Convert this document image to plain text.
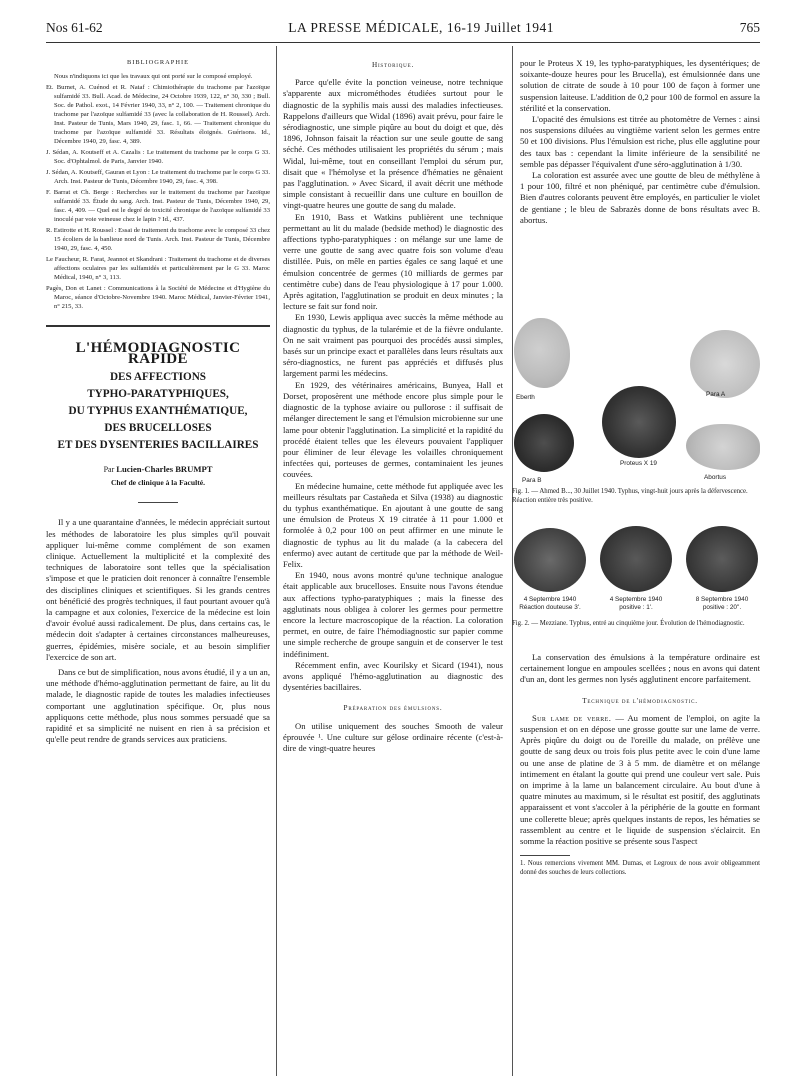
Nos 61-62	LA PRESSE MÉDICALE, 16-19 Juillet 1941	765
BIBLIOGRAPHIE
Nous n'indiquons ici que les travaux qui ont porté sur le composé employé.
Et. Burnet, A. Cuénod et R. Nataf : Chimiothérapie du trachome par l'azoïque sulfamidé 33. Bull. Acad. de Médecine, 24 Octobre 1939, 122, n° 30, 330 ; Bull. Soc. de Pathol. exot., 14 Février 1940, 33, n° 2, 100. — Traitement chronique du trachome par l'azoïque sulfamidé 33 (avec la collaboration de H. Roussel). Arch. Inst. Pasteur de Tunis, Mars 1940, 29, fasc. 1, 66. — Traitement chronique du trachome par l'azoïque sulfamidé 33. Résultats éloignés. Guérisons. Id., Décembre 1940, 29, fasc. 4, 389.
J. Sédan, A. Koutseff et A. Cazalis : Le traitement du trachome par le corps G 33. Soc. d'Ophtalmol. de Paris, Janvier 1940.
J. Sédan, A. Koutseff, Gauran et Lyon : Le traitement du trachome par le corps G 33. Arch. Inst. Pasteur de Tunis, Décembre 1940, 29, fasc. 4, 398.
F. Barrat et Ch. Berge : Recherches sur le traitement du trachome par l'azoïque sulfamidé 33. Étude du sang. Arch. Inst. Pasteur de Tunis, Décembre 1940, 29, fasc. 4, 409. — Quel est le degré de toxicité chronique de l'azoïque sulfamidé 33 inoculé par voie veineuse chez le lapin ? Id., 437.
R. Estirotte et H. Roussel : Essai de traitement du trachome avec le composé 33 chez 15 écoliers de la banlieue nord de Tunis. Arch. Inst. Pasteur de Tunis, Décembre 1940, 29, fasc. 4, 450.
Le Faucheur, R. Farat, Jeannot et Skandrani : Traitement du trachome et de diverses affections oculaires par les sulfamidés et particulièrement par le G 33. Maroc Médical, 1940, n° 3, 113.
Pagès, Don et Lanet : Communications à la Société de Médecine et d'Hygiène du Maroc, séance d'Octobre-Novembre 1940. Maroc Médical, Janvier-Février 1941, n° 215, 33.
L'HÉMODIAGNOSTIC RAPIDE
DES AFFECTIONS
TYPHO-PARATYPHIQUES,
DU TYPHUS EXANTHÉMATIQUE,
DES BRUCELLOSES
ET DES DYSENTERIES BACILLAIRES
Par Lucien-Charles BRUMPT
Chef de clinique à la Faculté.

Il y a une quarantaine d'années, le médecin appréciait surtout les méthodes de laboratoire les plus simples qu'il pouvait appliquer lui-même comme complément de son examen clinique. Actuellement la multiplicité et la complexité des techniques de laboratoire sont telles que la spécialisation s'impose et que le praticien doit renoncer à connaître l'ensemble des disciplines cliniques et scientifiques. Si les grands centres ont bénéficié des progrès techniques, il faut pourtant avouer qu'à la campagne et aux colonies, l'exercice de la médecine est loin d'avoir évolué aussi radicalement. De plus, dans certains cas, le médecin doit s'adapter à certaines circonstances malheureuses, guerres, épidémies, misère sociale, et au besoin simplifier l'exercice de son art.

Dans ce but de simplification, nous avons étudié, il y a un an, une méthode d'hémo-agglutination permettant de faire, au lit du malade, le diagnostic rapide de toutes les maladies infectieuses comportant une agglutination spécifique. Or, plus nous appliquons cette méthode, plus nous sommes persuadé que sa rapidité et sa simplicité ne nuisent en rien à sa précision et qu'elle peut rendre de grands services aux praticiens.

Historique.

Parce qu'elle évite la ponction veineuse, notre technique s'apparente aux microméthodes étudiées surtout pour le diagnostic de la syphilis mais aussi des maladies infectieuses. Rappelons d'ailleurs que Widal (1896) avait prévu, pour faire le sérodiagnostic, une simple piqûre au bout du doigt et que, dès 1896, Johnson faisait la réaction sur une seule goutte de sang séché. Ces méthodes utilisaient les propriétés du sérum ; mais Widal, lui-même, tout en conseillant l'emploi du sérum pur, disait que « l'hémolyse et la présence d'hématies ne gênaient pas l'agglutination. » Avec Sicard, il avait décrit une méthode simple consistant à recueillir dans une culture en bouillon de vingt-quatre heures une goutte de sang du malade.

En 1910, Bass et Watkins publièrent une technique permettant au lit du malade (bedside method) le diagnostic des affections typho-paratyphiques : on mélange sur une lame de verre une goutte de sang avec quatre fois son volume d'eau distillée. Puis, on mêle en parties égales ce sang laqué et une émulsion concentrée de germes (10 milliards de germes par centimètre cube) dans de l'eau physiologique à 17 pour 1.000. Après agitation, l'agglutination se produit en deux minutes ; la lecture se fait sur fond noir.

En 1930, Lewis appliqua avec succès la même méthode au diagnostic du typhus, de la tularémie et de la fièvre ondulante. On ne sait vraiment pas pourquoi des procédés aussi simples, basés sur un principe exact et parallèles dans leurs résultats aux séro-diagnostics, ne furent pas appréciés et diffusés plus largement parmi les médecins.

En 1929, des vétérinaires américains, Bunyea, Hall et Dorset, proposèrent une méthode encore plus simple pour le diagnostic de la typhose aviaire ou pullorose : il suffisait de mélanger directement le sang et l'émulsion microbienne sur une lame pour obtenir l'agglutination. La simplicité et la rapidité du procédé étaient telles que les éleveurs pouvaient l'appliquer pour éliminer de leur élevage les volailles chroniquement infectées qui, porteuses de germes, contaminaient les jeunes couvées.

En médecine humaine, cette méthode fut appliquée avec les meilleurs résultats par Castañeda et Silva (1938) au diagnostic du typhus exanthématique. En ajoutant à une goutte de sang une émulsion de Proteus X 19 citratée à 11 pour 1.000 et formolée à 0,2 pour 100 on peut affirmer en une minute le diagnostic de typhus au lit du malade (a la cabecera del enfermo) avec autant de certitude que par la méthode de Weil-Felix.

En 1940, nous avons montré qu'une technique analogue était applicable aux brucelloses. Ensuite nous l'avons étendue aux affections typho-paratyphiques ; mais la finesse des agglutinats nous obligea à colorer les germes pour permettre encore la lecture macroscopique de la réaction. La coloration permet, en outre, de faire l'hémodiagnostic sur papier comme une simple recherche de groupe sanguin et de conserver le test indéfiniment.

Récemment enfin, avec Kourilsky et Sicard (1941), nous avons appliqué l'hémo-agglutination au diagnostic des dysentéries bacillaires.

Préparation des émulsions.

On utilise uniquement des souches Smooth de valeur éprouvée ¹. Une culture sur gélose ordinaire récente (c'est-à-dire de vingt-quatre heures

pour le Proteus X 19, les typho-paratyphiques, les dysentériques; de soixante-douze heures pour les Brucella), est émulsionnée dans une solution de citrate de soude à 10 pour 100 de façon à former une suspension laiteuse. L'addition de 0,2 pour 100 de formol en assure la stérilité et la conservation.

L'opacité des émulsions est titrée au photomètre de Vernes : ainsi nos suspensions diluées au vingtième varient selon les germes entre 50 et 100 divisions. Plus l'émulsion est riche, plus elle agglutine pour des taux bas : cependant la limite inférieure de la sensibilité ne semble pas dépasser l'équivalent d'une séro-agglutination à 1/30.

La coloration est assurée avec une goutte de bleu de méthylène à 1 pour 100, filtré et non phéniqué, par centimètre cube d'émulsion. Bien d'autres colorants peuvent être employés, en particulier le violet de gentiane ; le bleu de Sabrazès donne de bons résultats avec B. abortus.

Eberth	Para A
Proteus X 19
Para B	Abortus
Fig. 1. — Ahmed B..., 30 Juillet 1940. Typhus, vingt-huit jours après la défervescence. Réaction entière très positive.
4 Septembre 1940
Réaction douteuse 3'.
4 Septembre 1940
positive : 1'.
8 Septembre 1940
positive : 20''.
Fig. 2. — Mezziane. Typhus, entré au cinquième jour. Évolution de l'hémodiagnostic.

La conservation des émulsions à la température ordinaire est certainement longue en ampoules scellées ; nous en avons qui datent d'un an, dont les germes non lysés agglutinent encore parfaitement.

Technique de l'hémodiagnostic.

Sur lame de verre. — Au moment de l'emploi, on agite la suspension et on en dépose une grosse goutte sur une lame de verre. Après piqûre du doigt ou de l'oreille du malade, on prélève une goutte de sang deux ou trois fois plus petite avec le coin d'une lame ou une anse de platine de 3 à 5 mm. de diamètre et on mélange intimement en étalant la goutte qui prend une couleur vert sale. Puis on imprime à la lame un balancement circulaire. Au bout d'une à quatre minutes au maximum, si le résultat est positif, des agglutinats apparaissent et vont s'accoler à la périphérie de la goutte en formant une collerette bleue; après quelques instants de repos, les hématies se rassemblent au centre et le liquide de suspension s'éclaircit. En somme la réaction positive se présente sous l'aspect

1. Nous remercions vivement MM. Dumas, et Legroux de nous avoir obligeamment donné des souches de leurs collections.
